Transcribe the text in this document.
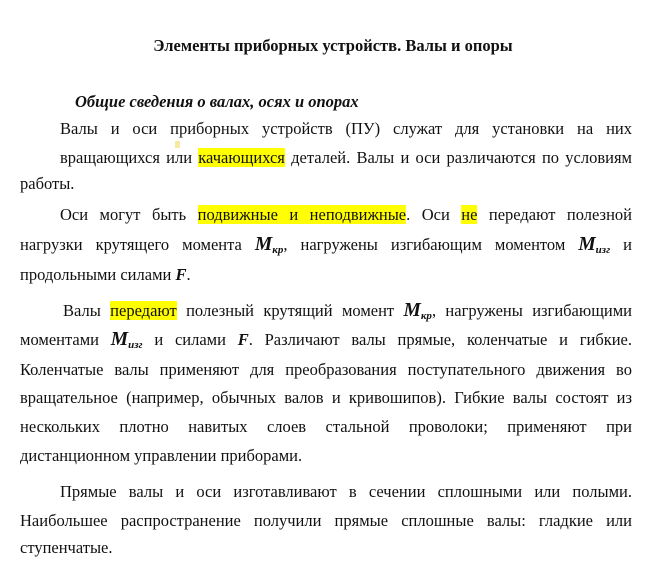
Элементы приборных устройств. Валы и опоры
Общие сведения о валах, осях и опорах
Валы и оси приборных устройств (ПУ) служат для установки на них
вращающихся или качающихся деталей. Валы и оси различаются по условиям
работы.
Оси могут быть подвижные и неподвижные. Оси не передают полезной
нагрузки крутящего момента $M_{кр}$, нагружены изгибающим моментом $M_{изг}$ и
продольными силами F.
Валы передают полезный крутящий момент $M_{кр}$, нагружены изгибающими
моментами $M_{изг}$ и силами F. Различают валы прямые, коленчатые и гибкие.
Коленчатые валы применяют для преобразования поступательного движения во
вращательное (например, обычных валов и кривошипов). Гибкие валы состоят из
нескольких плотно навитых слоев стальной проволоки; применяют при
дистанционном управлении приборами.
Прямые валы и оси изготавливают в сечении сплошными или полыми.
Наибольшее распространение получили прямые сплошные валы: гладкие или
ступенчатые.
